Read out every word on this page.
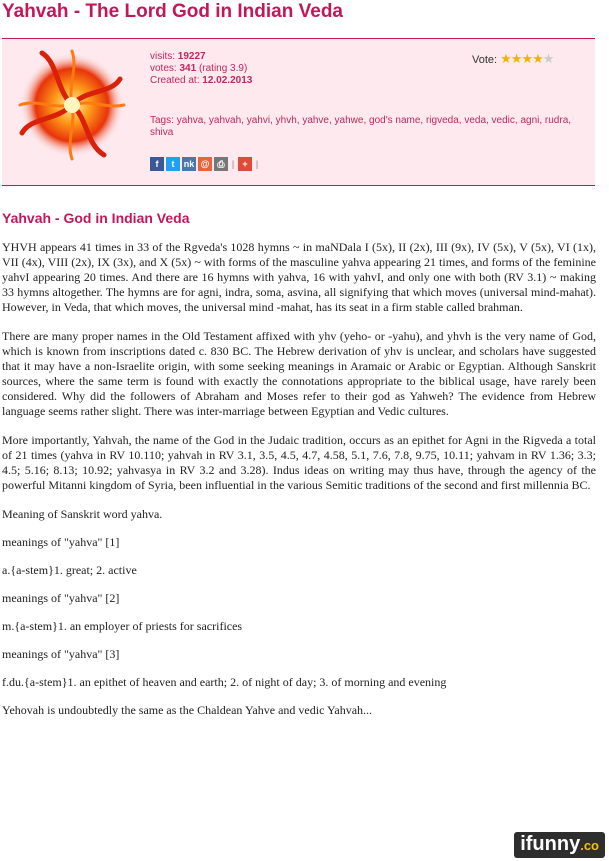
Yahvah - The Lord God in Indian Veda
visits: 19227
votes: 341 (rating 3.9)
Created at: 12.02.2013
Vote: ★★★★★
Tags: yahva, yahvah, yahvi, yhvh, yahve, yahwe, god's name, rigveda, veda, vedic, agni, rudra, shiva
f	t	nk @ ⎙ | + |
Yahvah - God in Indian Veda

YHVH appears 41 times in 33 of the Rgveda's 1028 hymns ~ in maNDala I (5x), II (2x), III (9x), IV (5x), V (5x), VI (1x), VII (4x), VIII (2x), IX (3x), and X (5x) ~ with forms of the masculine yahva appearing 21 times, and forms of the feminine yahvI appearing 20 times. And there are 16 hymns with yahva, 16 with yahvI, and only one with both (RV 3.1) ~ making 33 hymns altogether. The hymns are for agni, indra, soma, asvina, all signifying that which moves (universal mind-mahat). However, in Veda, that which moves, the universal mind -mahat, has its seat in a firm stable called brahman.

There are many proper names in the Old Testament affixed with yhv (yeho- or -yahu), and yhvh is the very name of God, which is known from inscriptions dated c. 830 BC. The Hebrew derivation of yhv is unclear, and scholars have suggested that it may have a non-Israelite origin, with some seeking meanings in Aramaic or Arabic or Egyptian. Although Sanskrit sources, where the same term is found with exactly the connotations appropriate to the biblical usage, have rarely been considered. Why did the followers of Abraham and Moses refer to their god as Yahweh? The evidence from Hebrew language seems rather slight. There was inter-marriage between Egyptian and Vedic cultures.

More importantly, Yahvah, the name of the God in the Judaic tradition, occurs as an epithet for Agni in the Rigveda a total of 21 times (yahva in RV 10.110; yahvah in RV 3.1, 3.5, 4.5, 4.7, 4.58, 5.1, 7.6, 7.8, 9.75, 10.11; yahvam in RV 1.36; 3.3; 4.5; 5.16; 8.13; 10.92; yahvasya in RV 3.2 and 3.28). Indus ideas on writing may thus have, through the agency of the powerful Mitanni kingdom of Syria, been influential in the various Semitic traditions of the second and first millennia BC.

Meaning of Sanskrit word yahva.

meanings of "yahva" [1]

a.{a-stem}1. great; 2. active

meanings of "yahva" [2]

m.{a-stem}1. an employer of priests for sacrifices

meanings of "yahva" [3]

f.du.{a-stem}1. an epithet of heaven and earth; 2. of night of day; 3. of morning and evening

Yehovah is undoubtedly the same as the Chaldean Yahve and vedic Yahvah...

ifunny.co
